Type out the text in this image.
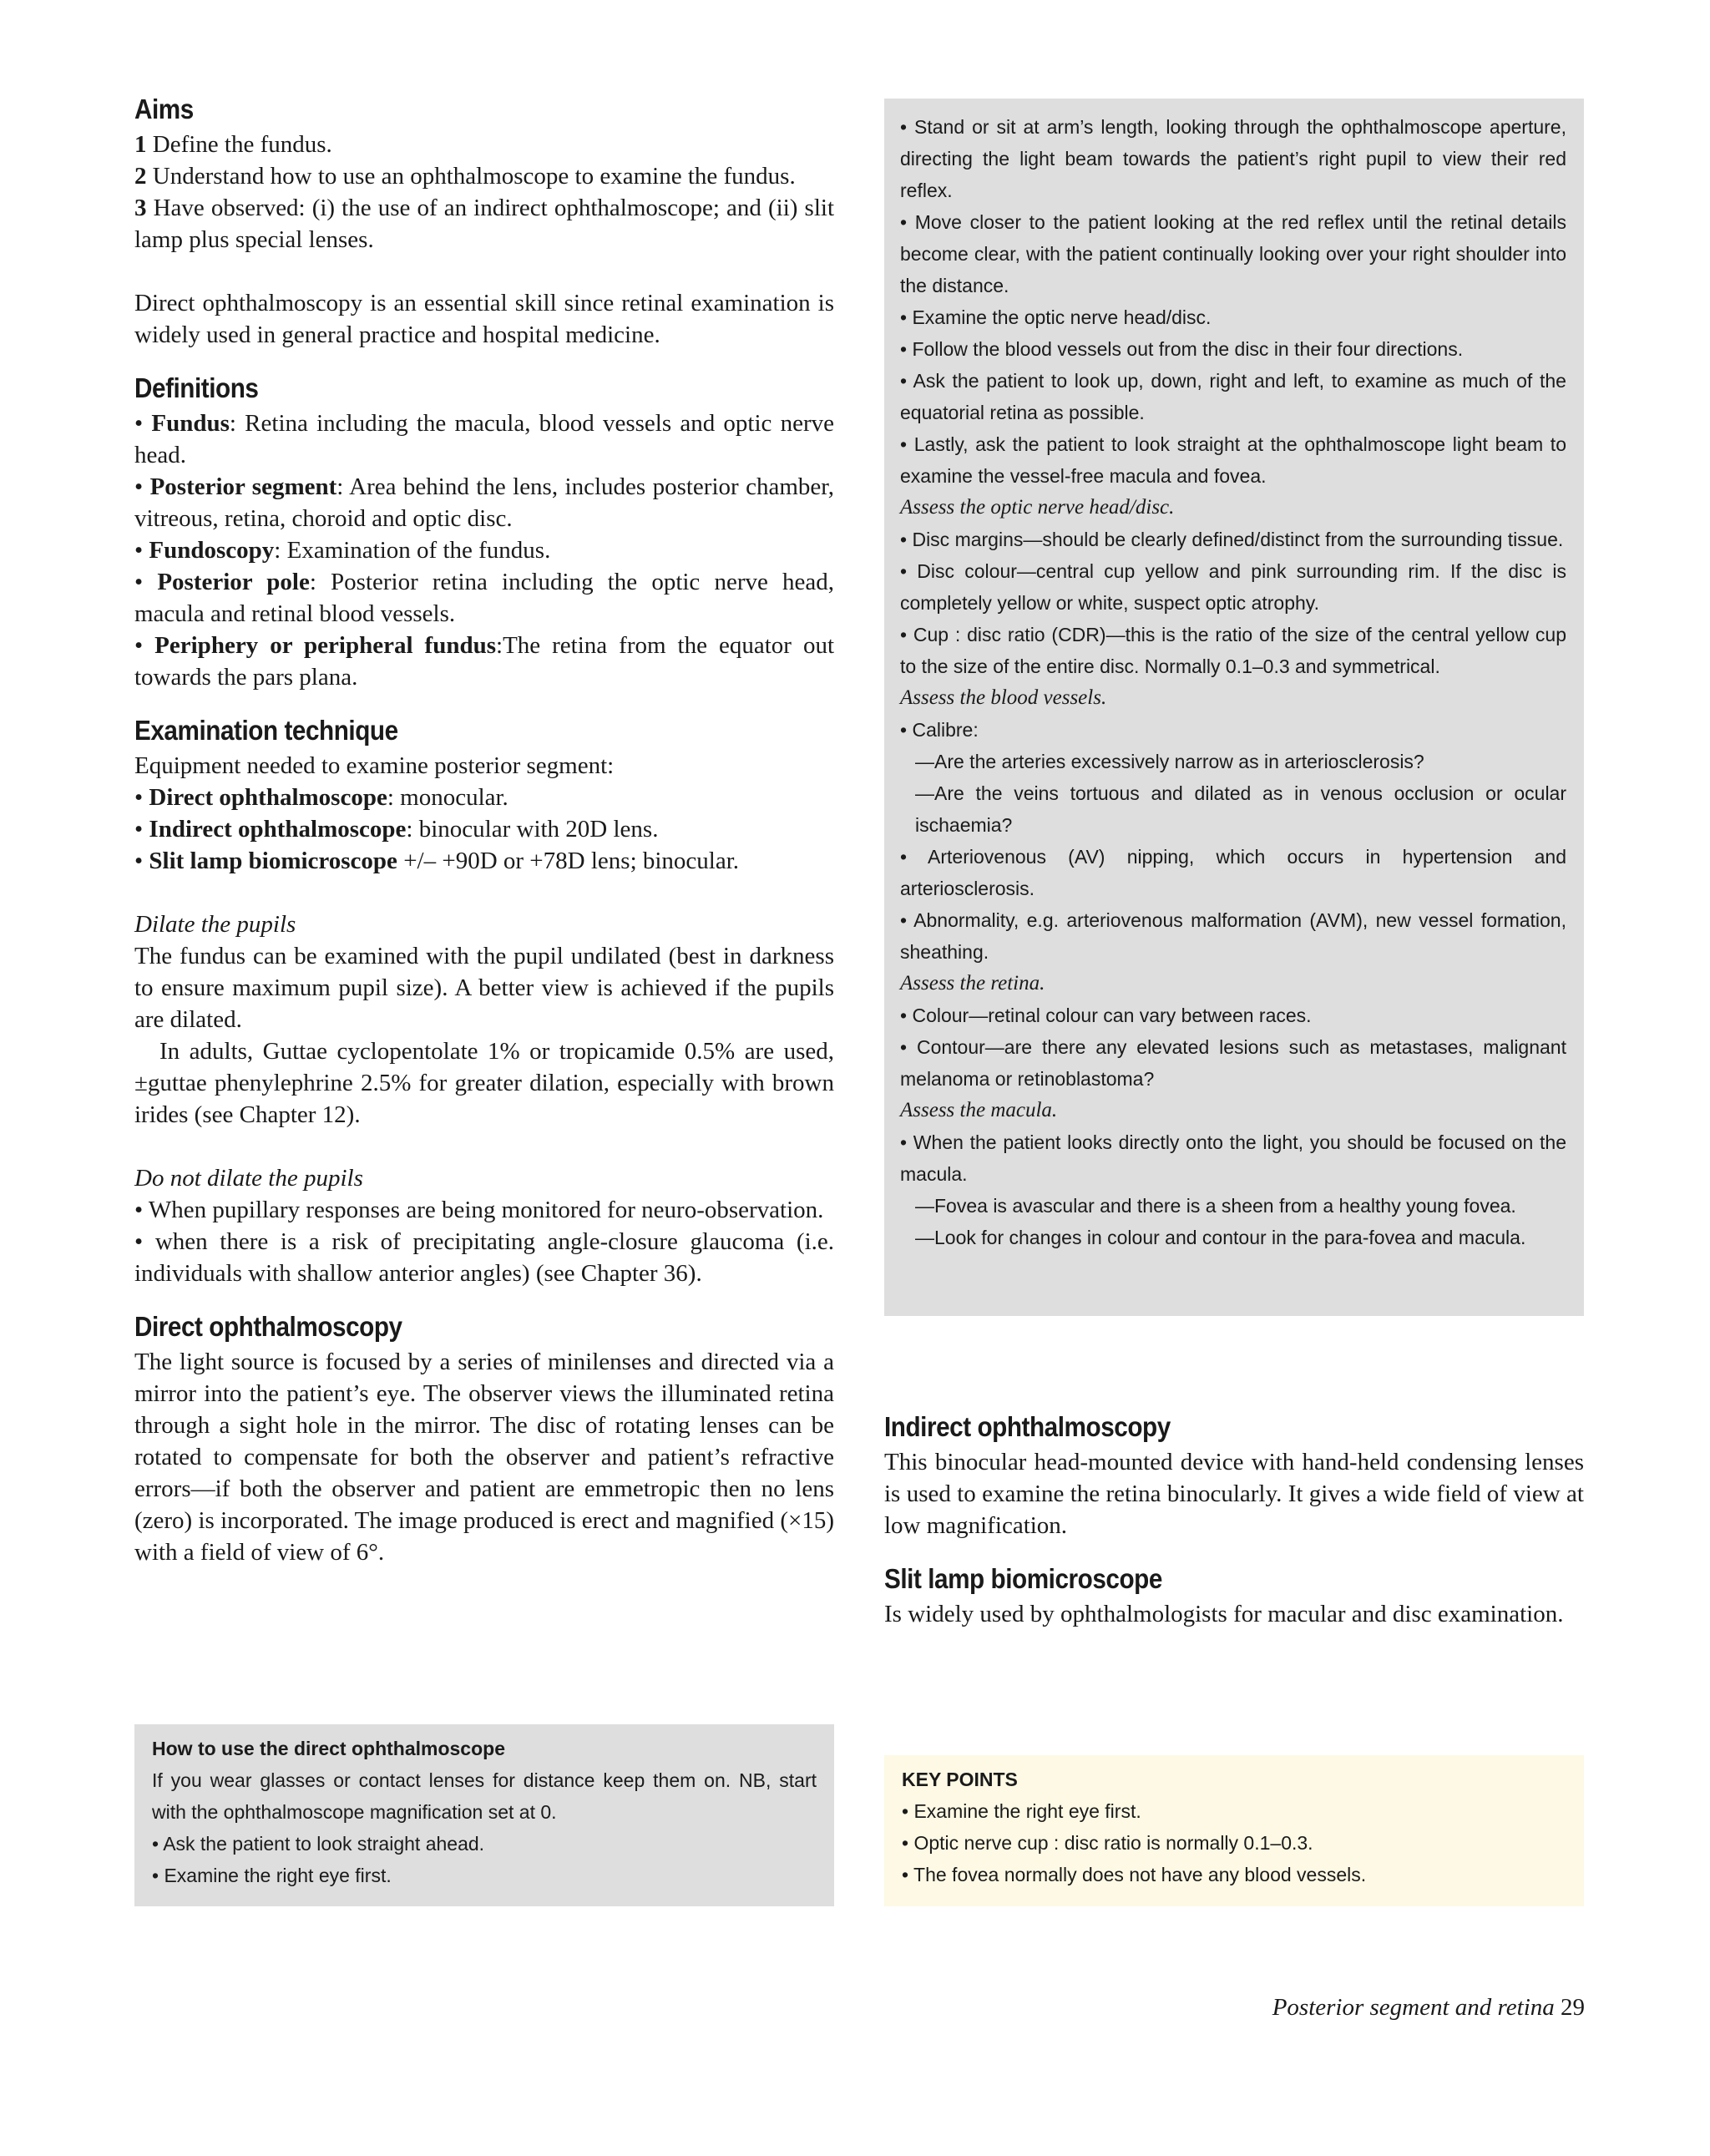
Aims

1 Define the fundus.

2 Understand how to use an ophthalmoscope to examine the fundus.

3 Have observed: (i) the use of an indirect ophthalmoscope; and (ii) slit lamp plus special lenses.

Direct ophthalmoscopy is an essential skill since retinal examination is widely used in general practice and hospital medicine.

Definitions

• Fundus: Retina including the macula, blood vessels and optic nerve head.

• Posterior segment: Area behind the lens, includes posterior chamber, vitreous, retina, choroid and optic disc.

• Fundoscopy: Examination of the fundus.

• Posterior pole: Posterior retina including the optic nerve head, macula and retinal blood vessels.

• Periphery or peripheral fundus:The retina from the equator out towards the pars plana.

Examination technique

Equipment needed to examine posterior segment:

• Direct ophthalmoscope: monocular.

• Indirect ophthalmoscope: binocular with 20D lens.

• Slit lamp biomicroscope +/– +90D or +78D lens; binocular.

Dilate the pupils

The fundus can be examined with the pupil undilated (best in darkness to ensure maximum pupil size). A better view is achieved if the pupils are dilated.

In adults, Guttae cyclopentolate 1% or tropicamide 0.5% are used, ±guttae phenylephrine 2.5% for greater dilation, especially with brown irides (see Chapter 12).

Do not dilate the pupils

• When pupillary responses are being monitored for neuro-observation.

• when there is a risk of precipitating angle-closure glaucoma (i.e. individuals with shallow anterior angles) (see Chapter 36).

Direct ophthalmoscopy

The light source is focused by a series of minilenses and directed via a mirror into the patient’s eye. The observer views the illuminated retina through a sight hole in the mirror. The disc of rotating lenses can be rotated to compensate for both the observer and patient’s refractive errors—if both the observer and patient are emmetropic then no lens (zero) is incorporated. The image produced is erect and magnified (×15) with a field of view of 6°.

How to use the direct ophthalmoscope

If you wear glasses or contact lenses for distance keep them on. NB, start with the ophthalmoscope magnification set at 0.

• Ask the patient to look straight ahead.

• Examine the right eye first.

• Stand or sit at arm’s length, looking through the ophthalmoscope aperture, directing the light beam towards the patient’s right pupil to view their red reflex.

• Move closer to the patient looking at the red reflex until the retinal details become clear, with the patient continually looking over your right shoulder into the distance.

• Examine the optic nerve head/disc.

• Follow the blood vessels out from the disc in their four directions.

• Ask the patient to look up, down, right and left, to examine as much of the equatorial retina as possible.

• Lastly, ask the patient to look straight at the ophthalmoscope light beam to examine the vessel-free macula and fovea.

Assess the optic nerve head/disc.

• Disc margins—should be clearly defined/distinct from the surrounding tissue.

• Disc colour—central cup yellow and pink surrounding rim. If the disc is completely yellow or white, suspect optic atrophy.

• Cup : disc ratio (CDR)—this is the ratio of the size of the central yellow cup to the size of the entire disc. Normally 0.1–0.3 and symmetrical.

Assess the blood vessels.

• Calibre:

—Are the arteries excessively narrow as in arteriosclerosis?

—Are the veins tortuous and dilated as in venous occlusion or ocular ischaemia?

• Arteriovenous (AV) nipping, which occurs in hypertension and arteriosclerosis.

• Abnormality, e.g. arteriovenous malformation (AVM), new vessel formation, sheathing.

Assess the retina.

• Colour—retinal colour can vary between races.

• Contour—are there any elevated lesions such as metastases, malignant melanoma or retinoblastoma?

Assess the macula.

• When the patient looks directly onto the light, you should be focused on the macula.

—Fovea is avascular and there is a sheen from a healthy young fovea.

—Look for changes in colour and contour in the para-fovea and macula.

Indirect ophthalmoscopy

This binocular head-mounted device with hand-held condensing lenses is used to examine the retina binocularly. It gives a wide field of view at low magnification.

Slit lamp biomicroscope

Is widely used by ophthalmologists for macular and disc examination.

KEY POINTS

• Examine the right eye first.

• Optic nerve cup : disc ratio is normally 0.1–0.3.

• The fovea normally does not have any blood vessels.

Posterior segment and retina 29
